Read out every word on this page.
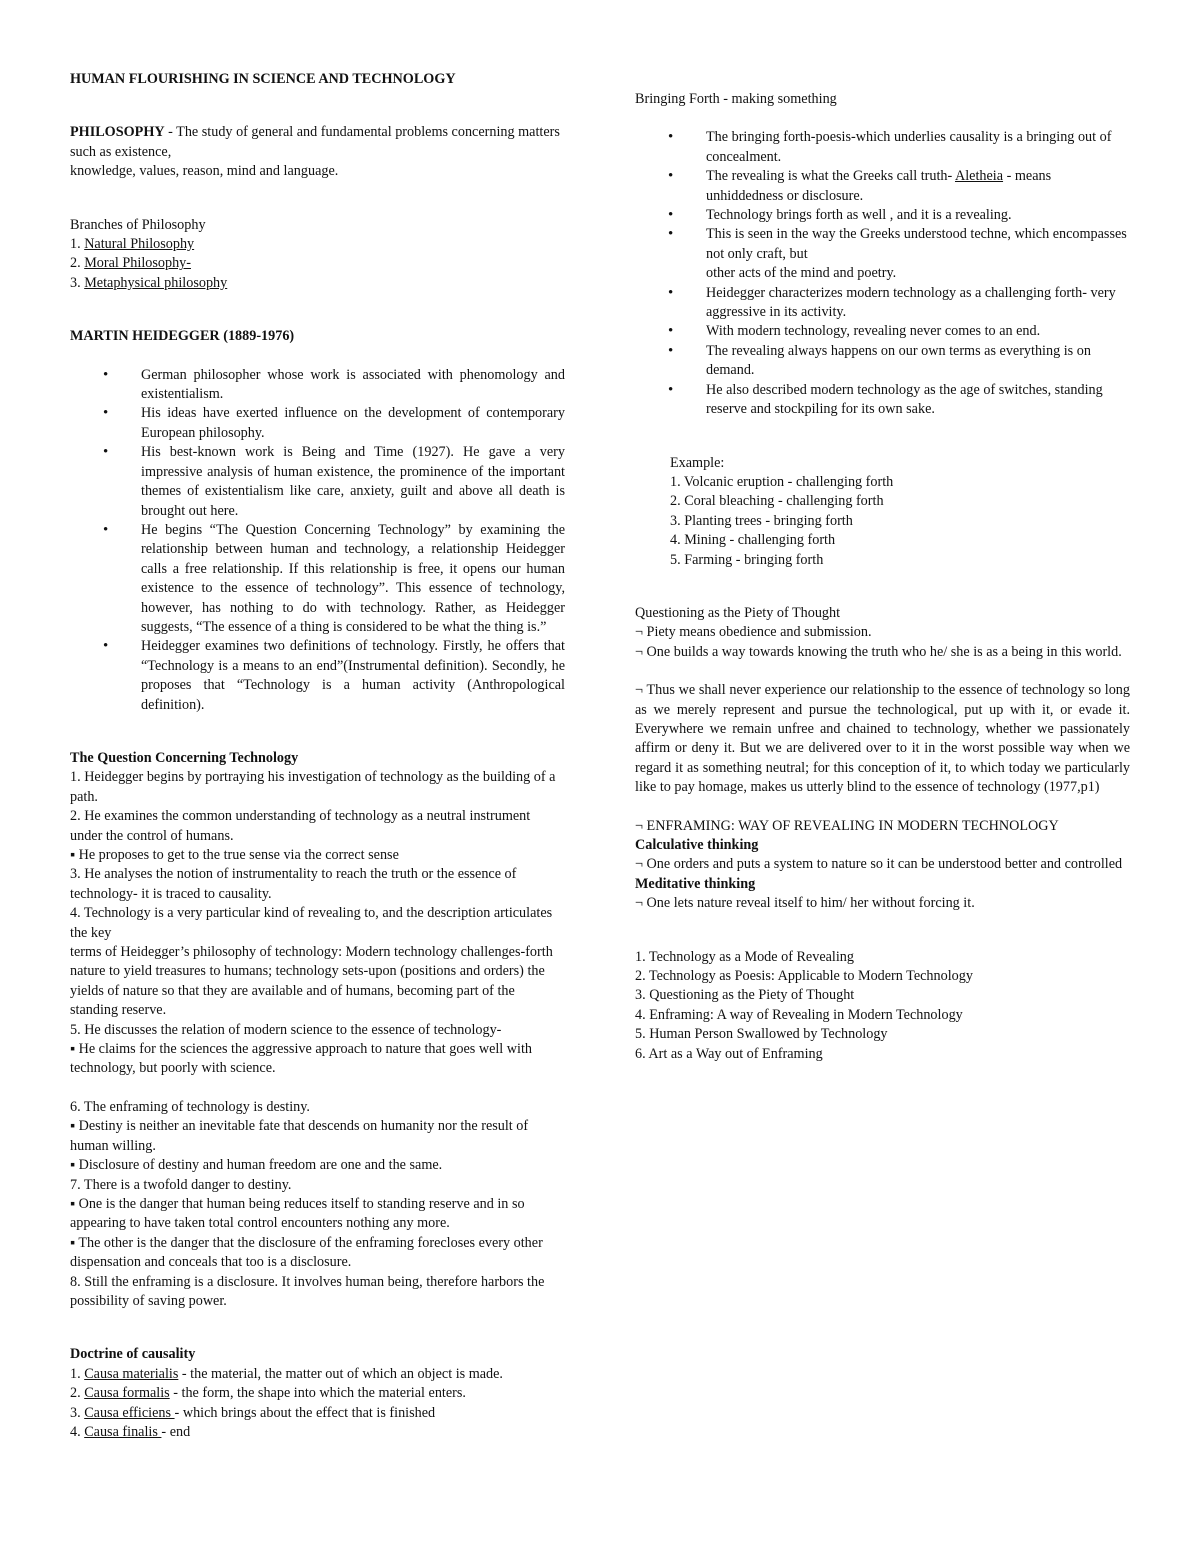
HUMAN FLOURISHING IN SCIENCE AND TECHNOLOGY

PHILOSOPHY - The study of general and fundamental problems concerning matters such as existence,

knowledge, values, reason, mind and language.

Branches of Philosophy

1. Natural Philosophy

2. Moral Philosophy-

3. Metaphysical philosophy

MARTIN HEIDEGGER (1889-1976)

• German philosopher whose work is associated with phenomology and existentialism.
• His ideas have exerted influence on the development of contemporary European philosophy.
• His best-known work is Being and Time (1927). He gave a very impressive analysis of human existence, the prominence of the important themes of existentialism like care, anxiety, guilt and above all death is brought out here.
• He begins “The Question Concerning Technology” by examining the relationship between human and technology, a relationship Heidegger calls a free relationship. If this relationship is free, it opens our human existence to the essence of technology”. This essence of technology, however, has nothing to do with technology. Rather, as Heidegger suggests, “The essence of a thing is considered to be what the thing is.”
• Heidegger examines two definitions of technology. Firstly, he offers that “Technology is a means to an end”(Instrumental definition). Secondly, he proposes that “Technology is a human activity (Anthropological definition).

The Question Concerning Technology

1. Heidegger begins by portraying his investigation of technology as the building of a path.

2. He examines the common understanding of technology as a neutral instrument under the control of humans.

▪ He proposes to get to the true sense via the correct sense

3. He analyses the notion of instrumentality to reach the truth or the essence of technology- it is traced to causality.

4. Technology is a very particular kind of revealing to, and the description articulates the key

terms of Heidegger’s philosophy of technology: Modern technology challenges-forth nature to yield treasures to humans; technology sets-upon (positions and orders) the yields of nature so that they are available and of humans, becoming part of the standing reserve.

5. He discusses the relation of modern science to the essence of technology-

▪ He claims for the sciences the aggressive approach to nature that goes well with technology, but poorly with science.

6. The enframing of technology is destiny.

▪ Destiny is neither an inevitable fate that descends on humanity nor the result of human willing.

▪ Disclosure of destiny and human freedom are one and the same.

7. There is a twofold danger to destiny.

▪ One is the danger that human being reduces itself to standing reserve and in so appearing to have taken total control encounters nothing any more.

▪ The other is the danger that the disclosure of the enframing forecloses every other dispensation and conceals that too is a disclosure.

8. Still the enframing is a disclosure. It involves human being, therefore harbors the possibility of saving power.

Doctrine of causality

1. Causa materialis - the material, the matter out of which an object is made.

2. Causa formalis - the form, the shape into which the material enters.

3. Causa efficiens - which brings about the effect that is finished

4. Causa finalis - end

Bringing Forth - making something

• The bringing forth-poesis-which underlies causality is a bringing out of concealment.
• The revealing is what the Greeks call truth- Aletheia - means unhiddedness or disclosure.
• Technology brings forth as well , and it is a revealing.
• This is seen in the way the Greeks understood techne, which encompasses not only craft, but
other acts of the mind and poetry.
• Heidegger characterizes modern technology as a challenging forth- very aggressive in its activity.
• With modern technology, revealing never comes to an end.
• The revealing always happens on our own terms as everything is on demand.
• He also described modern technology as the age of switches, standing reserve and stockpiling for its own sake.

Example:

1. Volcanic eruption - challenging forth

2. Coral bleaching - challenging forth

3. Planting trees - bringing forth

4. Mining - challenging forth

5. Farming - bringing forth

Questioning as the Piety of Thought

¬ Piety means obedience and submission.

¬ One builds a way towards knowing the truth who he/ she is as a being in this world.

¬ Thus we shall never experience our relationship to the essence of technology so long as we merely represent and pursue the technological, put up with it, or evade it. Everywhere we remain unfree and chained to technology, whether we passionately affirm or deny it. But we are delivered over to it in the worst possible way when we regard it as something neutral; for this conception of it, to which today we particularly like to pay homage, makes us utterly blind to the essence of technology (1977,p1)

¬ ENFRAMING: WAY OF REVEALING IN MODERN TECHNOLOGY

Calculative thinking

¬ One orders and puts a system to nature so it can be understood better and controlled Meditative thinking

¬ One lets nature reveal itself to him/ her without forcing it.

1. Technology as a Mode of Revealing

2. Technology as Poesis: Applicable to Modern Technology

3. Questioning as the Piety of Thought

4. Enframing: A way of Revealing in Modern Technology

5. Human Person Swallowed by Technology

6. Art as a Way out of Enframing
